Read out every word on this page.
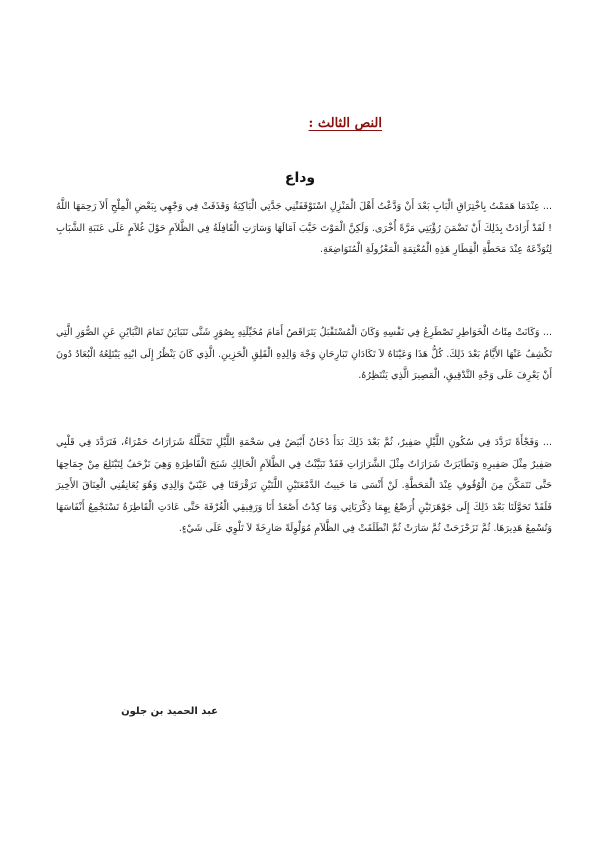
النص الثالث :
وداع

... عِنْدَمَا هَمَمْتُ بِاخْتِرَاقِ الْبَابِ بَعْدَ أَنْ وَدَّعْتُ أَهْلَ الْمَنْزِلِ اسْتَوْقَفَتْنِي جَدَّتِي الْبَاكِيَةُ وَقَذَفَتْ فِي وَجْهِي بِبَعْضِ الْمِلْحِ أَلاَ رَحِمَهَا اللَّهُ ! لَقَدْ أَرَادَتْ بِذَلِكَ أَنْ تَضْمَنَ رُؤْيَتِي مَرَّةً أُخْرَى. وَلَكِنَّ الْمَوْتَ خَيَّبَ آمَالَهَا وَسَارَتِ الْقَافِلَةُ فِي الظَّلاَمِ حَوْلَ غُلاَمٍ عَلَى عَتَبَةِ الشَّبَابِ لِتُوَدِّعَهُ عِنْدَ مَحَطَّةِ الْقِطَارِ هَذِهِ الْمُعْتِمَةِ الْمَعْزُولَةِ الْمُتَوَاضِعَةِ.

... وَكَانَتْ مِئَاتُ الْخَوَاطِرِ تَصْطَرِعُ فِي نَفْسِهِ وَكَانَ الْمُسْتَقْبَلُ يَتَرَاقَصُ أَمَامَ مُخَيِّلَتِهِ بِصُوَرٍ شَتَّى تَتَبَايَنُ تَمَامَ التَّبَايُنِ عَنِ الصُّوَرِ الَّتِي تَكْشِفُ عَنْهَا الأَيَّامُ بَعْدَ ذَلِكَ. كُلُّ هَذَا وَعَيْنَاهُ لاَ تَكَادَانِ تَبَارِحَانِ وَجْهَ وَالِدِهِ الْقَلِقِ الْحَزِينِ. الَّذِي كَانَ يَنْظُرُ إِلَى ابْنِهِ يَبْتَلِعُهُ الْبُعَادُ دُونَ أَنْ يَعْرِفَ عَلَى وَجْهِ التَّدْقِيقِ، الْمَصِيرَ الَّذِي يَنْتَظِرُهُ.

... وَفَجْأَةً تَرَدَّدَ فِي سُكُونِ اللَّيْلِ صَفِيرٌ، ثُمَّ بَعْدَ ذَلِكَ بَدَأَ دُخَانٌ أَبْيَضُ فِي سَحْمَةِ اللَّيْلِ تَتَخَلَّلُهُ شَرَارَاتٌ حَمْرَاءُ، فَتَرَدَّدَ فِي قَلْبِي صَفِيرٌ مِثْلَ صَفِيرِهِ وَتَطَايَرَتْ شَرَارَاتٌ مِثْلَ الشَّرَارَاتِ فَقَدْ تَبَيَّنْتُ فِي الظَّلاَمِ الْحَالِكِ شَبَحَ الْقَاطِرَةِ وَهِيَ تَزْحَفُ لِتَبْتَلِعَ مِنْ جِمَاحِهَا حَتَّى تَتَمَكَّنَ مِنَ الْوُقُوفِ عِنْدَ الْمَحَطَّةِ. لَنْ أَنْسَى مَا حَييتُ الدَّمْعَتَيْنِ اللَّتَيْنِ تَرَقْرَقَتَا فِي عَيْنَيْ وَالِدِي وَهُوَ يُعَانِقُنِي الْعِنَاقَ الأَخِيرَ فَلَقَدْ تَحَوَّلَتَا بَعْدَ ذَلِكَ إِلَى جَوْهَرَتَيْنِ أُرَصِّعُ بِهِمَا ذِكْرَيَاتِي وَمَا كِدْتُ أَصْعَدُ أَنَا وَرَفِيقِي الْغُرْفَةَ حَتَّى عَادَتِ الْقَاطِرَةُ تَسْتَجْمِعُ أَنْفَاسَهَا وَتُسْمِعُ هَدِيرَهَا. ثُمَّ تَزَحْزَحَتْ ثُمَّ سَارَتْ ثُمَّ انْطَلَقَتْ فِي الظَّلاَمِ مُوَلْوِلَةً صَارِخَةً لاَ تَلْوِي عَلَى شَيْءٍ.

عبد الحميد بن جلون
